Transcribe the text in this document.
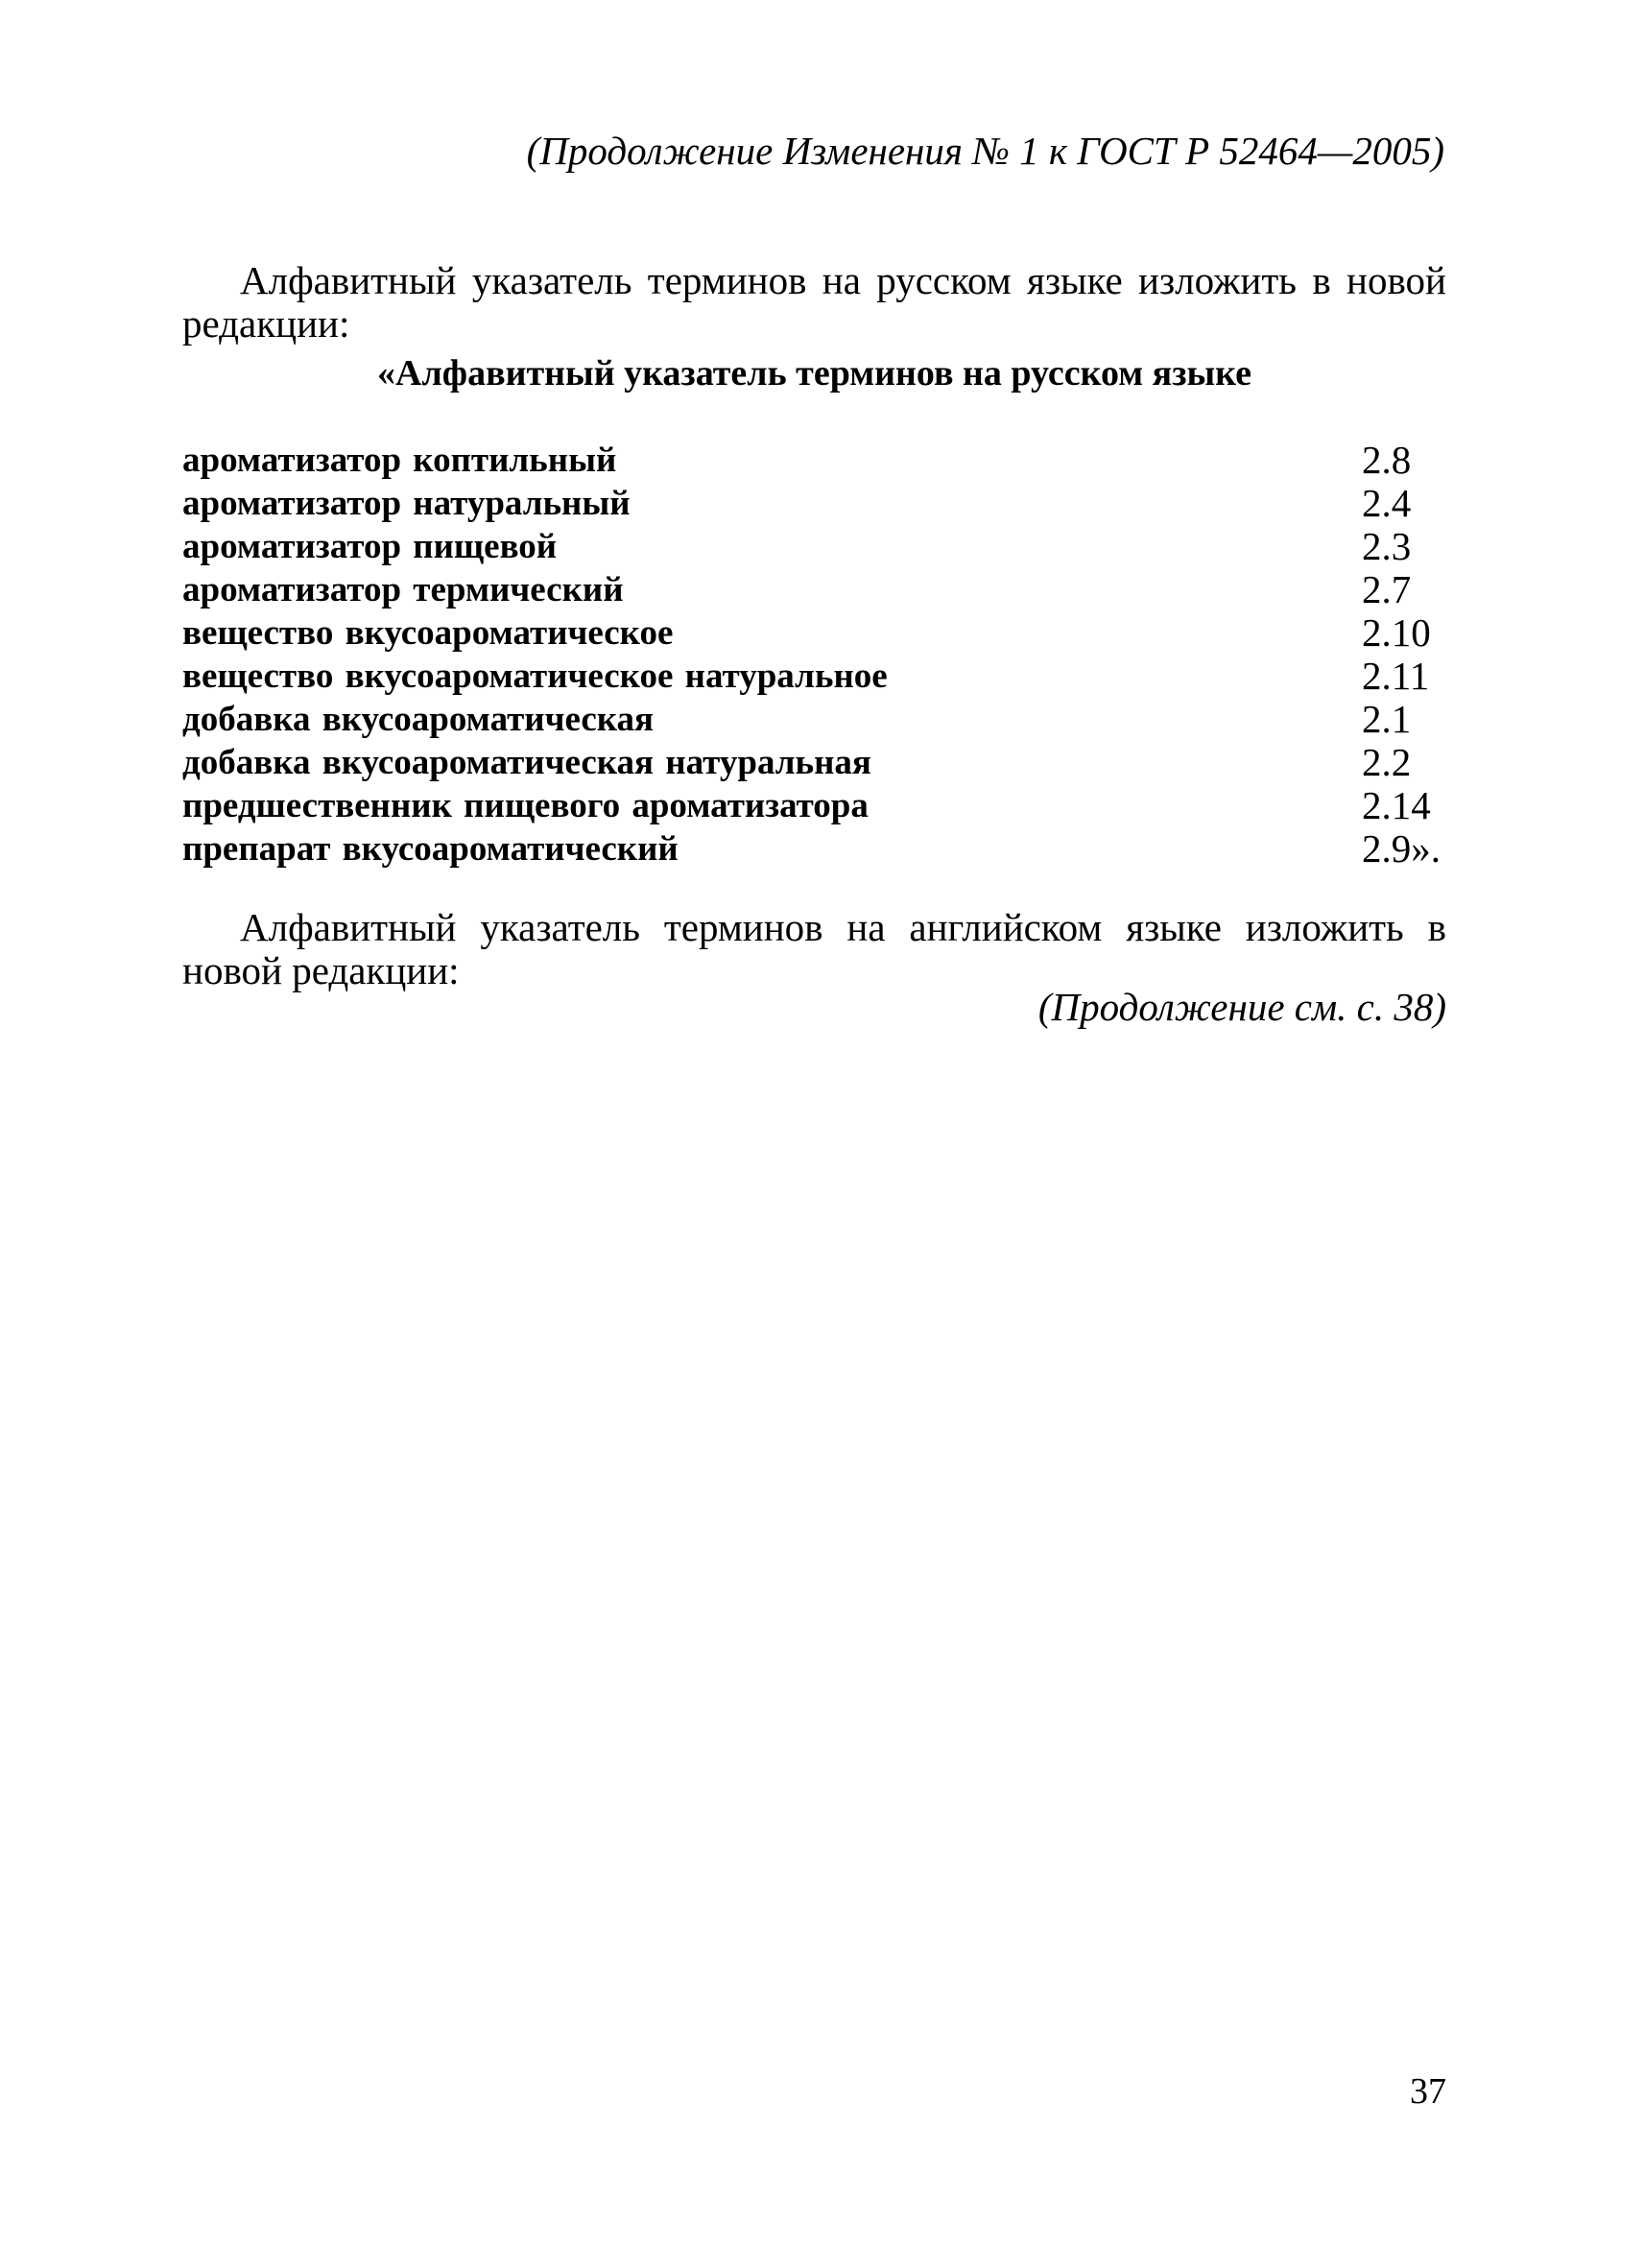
(Продолжение Изменения № 1 к ГОСТ Р 52464—2005)

Алфавитный указатель терминов на русском языке изложить в новой редакции:

«Алфавитный указатель терминов на русском языке
ароматизатор коптильный	2.8
ароматизатор натуральный	2.4
ароматизатор пищевой	2.3
ароматизатор термический	2.7
вещество вкусоароматическое	2.10
вещество вкусоароматическое натуральное	2.11
добавка вкусоароматическая	2.1
добавка вкусоароматическая натуральная	2.2
предшественник пищевого ароматизатора	2.14
препарат вкусоароматический	2.9».

Алфавитный указатель терминов на английском языке изложить в новой редакции:

(Продолжение см. с. 38)
37
